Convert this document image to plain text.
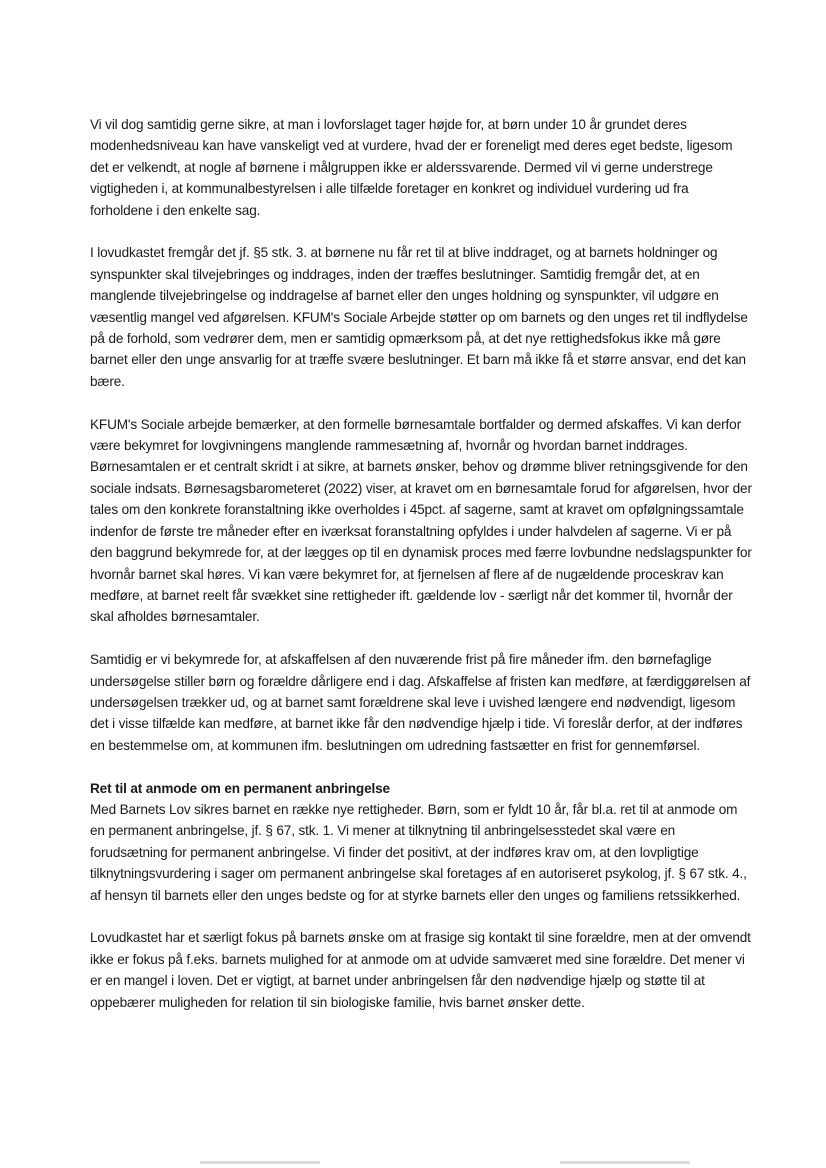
Vi vil dog samtidig gerne sikre, at man i lovforslaget tager højde for, at børn under 10 år grundet deres modenhedsniveau kan have vanskeligt ved at vurdere, hvad der er foreneligt med deres eget bedste, ligesom det er velkendt, at nogle af børnene i målgruppen ikke er alderssvarende. Dermed vil vi gerne understrege vigtigheden i, at kommunalbestyrelsen i alle tilfælde foretager en konkret og individuel vurdering ud fra forholdene i den enkelte sag.

I lovudkastet fremgår det jf. §5 stk. 3. at børnene nu får ret til at blive inddraget, og at barnets holdninger og synspunkter skal tilvejebringes og inddrages, inden der træffes beslutninger. Samtidig fremgår det, at en manglende tilvejebringelse og inddragelse af barnet eller den unges holdning og synspunkter, vil udgøre en væsentlig mangel ved afgørelsen. KFUM's Sociale Arbejde støtter op om barnets og den unges ret til indflydelse på de forhold, som vedrører dem, men er samtidig opmærksom på, at det nye rettighedsfokus ikke må gøre barnet eller den unge ansvarlig for at træffe svære beslutninger. Et barn må ikke få et større ansvar, end det kan bære.

KFUM's Sociale arbejde bemærker, at den formelle børnesamtale bortfalder og dermed afskaffes. Vi kan derfor være bekymret for lovgivningens manglende rammesætning af, hvornår og hvordan barnet inddrages. Børnesamtalen er et centralt skridt i at sikre, at barnets ønsker, behov og drømme bliver retningsgivende for den sociale indsats. Børnesagsbarometeret (2022) viser, at kravet om en børnesamtale forud for afgørelsen, hvor der tales om den konkrete foranstaltning ikke overholdes i 45pct. af sagerne, samt at kravet om opfølgningssamtale indenfor de første tre måneder efter en iværksat foranstaltning opfyldes i under halvdelen af sagerne. Vi er på den baggrund bekymrede for, at der lægges op til en dynamisk proces med færre lovbundne nedslagspunkter for hvornår barnet skal høres. Vi kan være bekymret for, at fjernelsen af flere af de nugældende proceskrav kan medføre, at barnet reelt får svækket sine rettigheder ift. gældende lov - særligt når det kommer til, hvornår der skal afholdes børnesamtaler.

Samtidig er vi bekymrede for, at afskaffelsen af den nuværende frist på fire måneder ifm. den børnefaglige undersøgelse stiller børn og forældre dårligere end i dag. Afskaffelse af fristen kan medføre, at færdiggørelsen af undersøgelsen trækker ud, og at barnet samt forældrene skal leve i uvished længere end nødvendigt, ligesom det i visse tilfælde kan medføre, at barnet ikke får den nødvendige hjælp i tide. Vi foreslår derfor, at der indføres en bestemmelse om, at kommunen ifm. beslutningen om udredning fastsætter en frist for gennemførsel.

Ret til at anmode om en permanent anbringelse

Med Barnets Lov sikres barnet en række nye rettigheder. Børn, som er fyldt 10 år, får bl.a. ret til at anmode om en permanent anbringelse, jf. § 67, stk. 1. Vi mener at tilknytning til anbringelsesstedet skal være en forudsætning for permanent anbringelse. Vi finder det positivt, at der indføres krav om, at den lovpligtige tilknytningsvurdering i sager om permanent anbringelse skal foretages af en autoriseret psykolog, jf. § 67 stk. 4., af hensyn til barnets eller den unges bedste og for at styrke barnets eller den unges og familiens retssikkerhed.

Lovudkastet har et særligt fokus på barnets ønske om at frasige sig kontakt til sine forældre, men at der omvendt ikke er fokus på f.eks. barnets mulighed for at anmode om at udvide samværet med sine forældre. Det mener vi er en mangel i loven. Det er vigtigt, at barnet under anbringelsen får den nødvendige hjælp og støtte til at oppebærer muligheden for relation til sin biologiske familie, hvis barnet ønsker dette.
